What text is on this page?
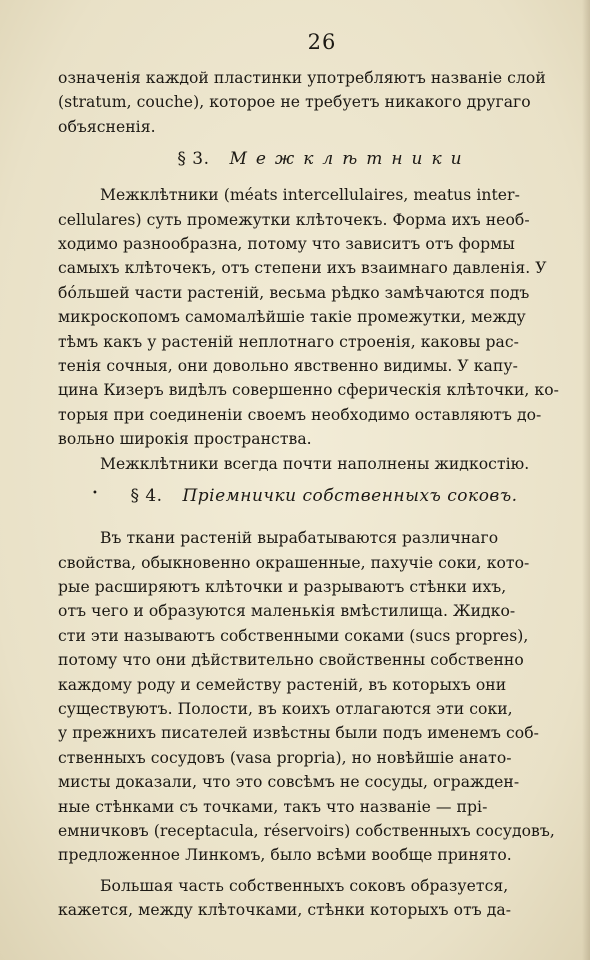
26
означенія каждой пластинки употребляютъ названіе слой
(stratum, couche), которое не требуетъ никакого другаго
объясненія.
§ 3. Межклѣтники
Межклѣтники (méats intercellulaires, meatus inter-
cellulares) суть промежутки клѣточекъ. Форма ихъ необ-
ходимо разнообразна, потому что зависитъ отъ формы
самыхъ клѣточекъ, отъ степени ихъ взаимнаго давленія. У
бо́льшей части растеній, весьма рѣдко замѣчаются подъ
микроскопомъ самомалѣйшіе такіе промежутки, между
тѣмъ какъ у растеній неплотнаго строенія, каковы рас-
тенія сочныя, они довольно явственно видимы. У капу-
цина Кизеръ видѣлъ совершенно сферическія клѣточки, ко-
торыя при соединеніи своемъ необходимо оставляютъ до-
вольно широкія пространства.
Межклѣтники всегда почти наполнены жидкостію.
§ 4. Пріемнички собственныхъ соковъ.
Въ ткани растеній вырабатываются различнаго
свойства, обыкновенно окрашенные, пахучіе соки, кото-
рые расширяютъ клѣточки и разрываютъ стѣнки ихъ,
отъ чего и образуются маленькія вмѣстилища. Жидко-
сти эти называютъ собственными соками (sucs propres),
потому что они дѣйствительно свойственны собственно
каждому роду и семейству растеній, въ которыхъ они
существуютъ. Полости, въ коихъ отлагаются эти соки,
у прежнихъ писателей извѣстны были подъ именемъ соб-
ственныхъ сосудовъ (vasa propria), но новѣйшіе анато-
мисты доказали, что это совсѣмъ не сосуды, огражден-
ные стѣнками съ точками, такъ что названіе — прі-
емничковъ (receptacula, réservoirs) собственныхъ сосудовъ,
предложенное Линкомъ, было всѣми вообще принято.
Большая часть собственныхъ соковъ образуется,
кажется, между клѣточками, стѣнки которыхъ отъ да-
•
